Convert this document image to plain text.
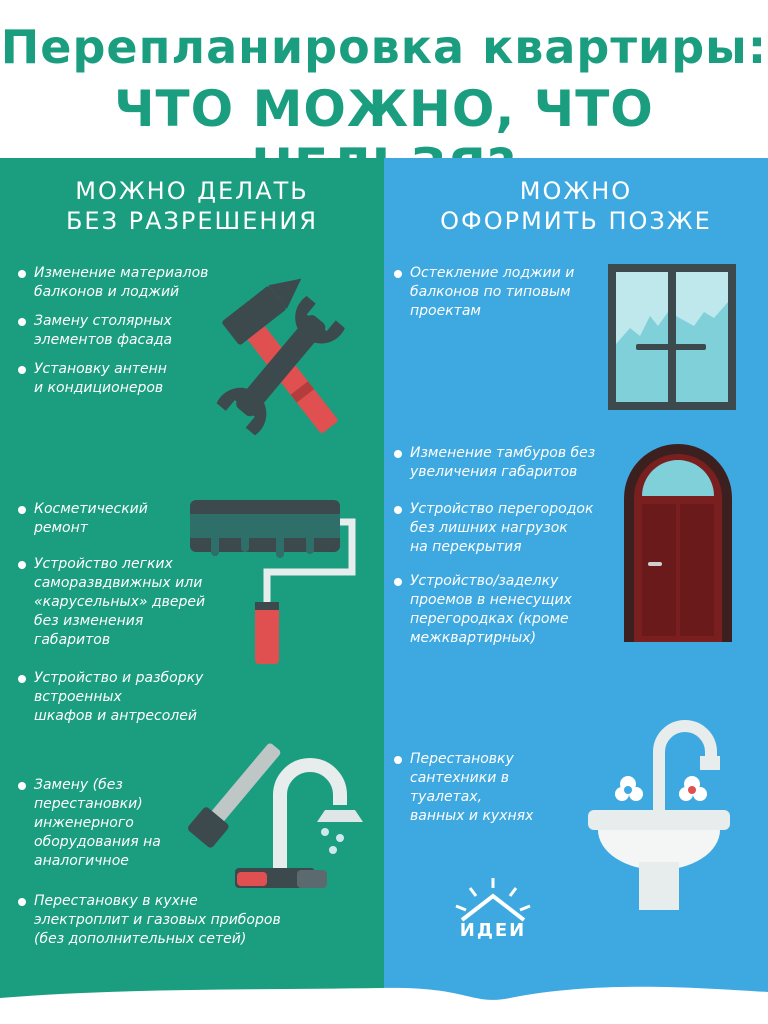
Перепланировка квартиры:
ЧТО МОЖНО, ЧТО
МОЖНО ДЕЛАТЬ
БЕЗ РАЗРЕШЕНИЯ
МОЖНО
ОФОРМИТЬ ПОЗЖЕ
Изменение материалов
балконов и лоджий
Замену столярных
элементов фасада
Установку антенн
и кондиционеров
Косметический
ремонт
Устройство легких
саморазвдвижных или
«карусельных» дверей
без изменения
габаритов
Устройство и разборку
встроенных
шкафов и антресолей
Замену (без
перестановки)
инженерного
оборудования на
аналогичное
Перестановку в кухне
электроплит и газовых приборов
(без дополнительных сетей)
Остекление лоджии и
балконов по типовым
проектам
Изменение тамбуров без
увеличения габаритов
Устройство перегородок
без лишних нагрузок
на перекрытия
Устройство/заделку
проемов в ненесущих
перегородках (кроме
межквартирных)
Перестановку
сантехники в
туалетах,
ванных и кухнях
ИДЕИ
